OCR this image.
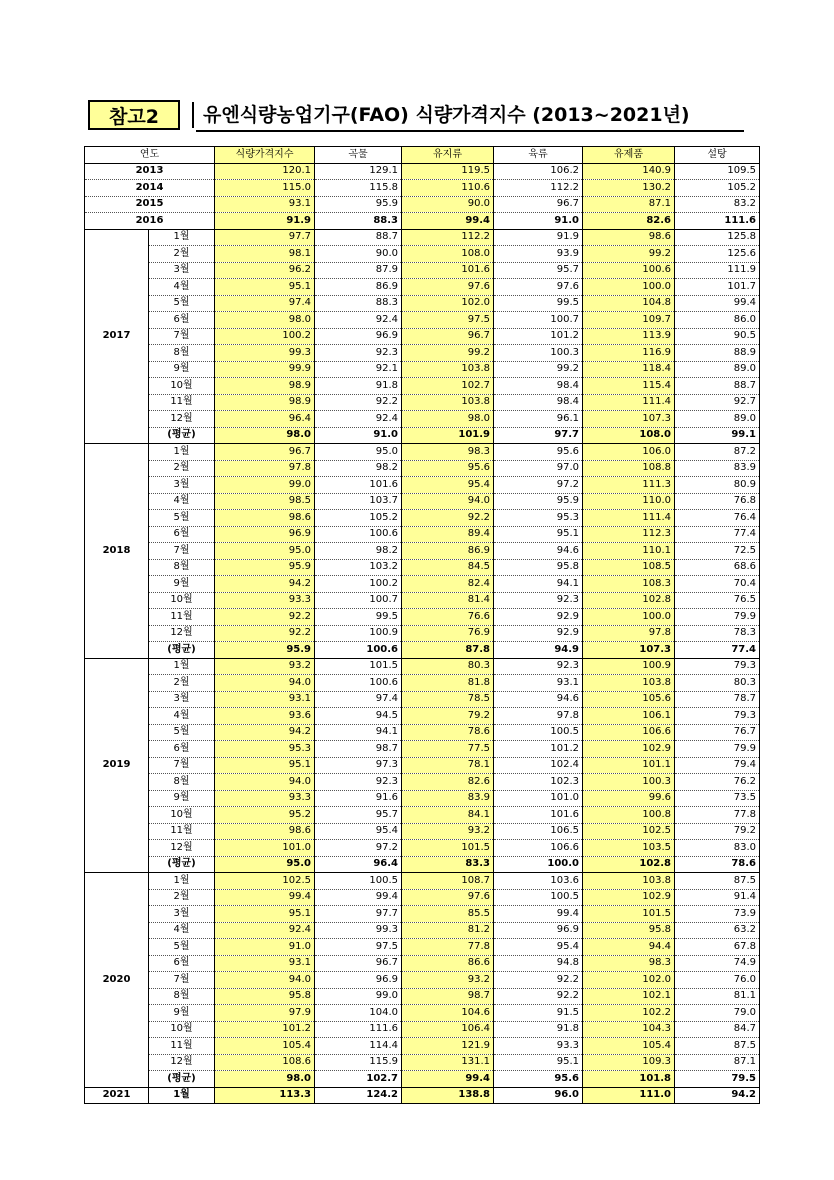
참고2	유엔식량농업기구(FAO) 식량가격지수 (2013~2021년)
연도		식량가격지수	곡물	유지류	육류	유제품	설탕
2013		120.1	129.1	119.5	106.2	140.9	109.5
2014		115.0	115.8	110.6	112.2	130.2	105.2
2015		93.1	95.9	90.0	96.7	87.1	83.2
2016		91.9	88.3	99.4	91.0	82.6	111.6
2017	1월	97.7	88.7	112.2	91.9	98.6	125.8
	2월	98.1	90.0	108.0	93.9	99.2	125.6
	3월	96.2	87.9	101.6	95.7	100.6	111.9
	4월	95.1	86.9	97.6	97.6	100.0	101.7
	5월	97.4	88.3	102.0	99.5	104.8	99.4
	6월	98.0	92.4	97.5	100.7	109.7	86.0
	7월	100.2	96.9	96.7	101.2	113.9	90.5
	8월	99.3	92.3	99.2	100.3	116.9	88.9
	9월	99.9	92.1	103.8	99.2	118.4	89.0
	10월	98.9	91.8	102.7	98.4	115.4	88.7
	11월	98.9	92.2	103.8	98.4	111.4	92.7
	12월	96.4	92.4	98.0	96.1	107.3	89.0
	(평균)	98.0	91.0	101.9	97.7	108.0	99.1
2018	1월	96.7	95.0	98.3	95.6	106.0	87.2
	2월	97.8	98.2	95.6	97.0	108.8	83.9
	3월	99.0	101.6	95.4	97.2	111.3	80.9
	4월	98.5	103.7	94.0	95.9	110.0	76.8
	5월	98.6	105.2	92.2	95.3	111.4	76.4
	6월	96.9	100.6	89.4	95.1	112.3	77.4
	7월	95.0	98.2	86.9	94.6	110.1	72.5
	8월	95.9	103.2	84.5	95.8	108.5	68.6
	9월	94.2	100.2	82.4	94.1	108.3	70.4
	10월	93.3	100.7	81.4	92.3	102.8	76.5
	11월	92.2	99.5	76.6	92.9	100.0	79.9
	12월	92.2	100.9	76.9	92.9	97.8	78.3
	(평균)	95.9	100.6	87.8	94.9	107.3	77.4
2019	1월	93.2	101.5	80.3	92.3	100.9	79.3
	2월	94.0	100.6	81.8	93.1	103.8	80.3
	3월	93.1	97.4	78.5	94.6	105.6	78.7
	4월	93.6	94.5	79.2	97.8	106.1	79.3
	5월	94.2	94.1	78.6	100.5	106.6	76.7
	6월	95.3	98.7	77.5	101.2	102.9	79.9
	7월	95.1	97.3	78.1	102.4	101.1	79.4
	8월	94.0	92.3	82.6	102.3	100.3	76.2
	9월	93.3	91.6	83.9	101.0	99.6	73.5
	10월	95.2	95.7	84.1	101.6	100.8	77.8
	11월	98.6	95.4	93.2	106.5	102.5	79.2
	12월	101.0	97.2	101.5	106.6	103.5	83.0
	(평균)	95.0	96.4	83.3	100.0	102.8	78.6
2020	1월	102.5	100.5	108.7	103.6	103.8	87.5
	2월	99.4	99.4	97.6	100.5	102.9	91.4
	3월	95.1	97.7	85.5	99.4	101.5	73.9
	4월	92.4	99.3	81.2	96.9	95.8	63.2
	5월	91.0	97.5	77.8	95.4	94.4	67.8
	6월	93.1	96.7	86.6	94.8	98.3	74.9
	7월	94.0	96.9	93.2	92.2	102.0	76.0
	8월	95.8	99.0	98.7	92.2	102.1	81.1
	9월	97.9	104.0	104.6	91.5	102.2	79.0
	10월	101.2	111.6	106.4	91.8	104.3	84.7
	11월	105.4	114.4	121.9	93.3	105.4	87.5
	12월	108.6	115.9	131.1	95.1	109.3	87.1
	(평균)	98.0	102.7	99.4	95.6	101.8	79.5
2021	1월	113.3	124.2	138.8	96.0	111.0	94.2
